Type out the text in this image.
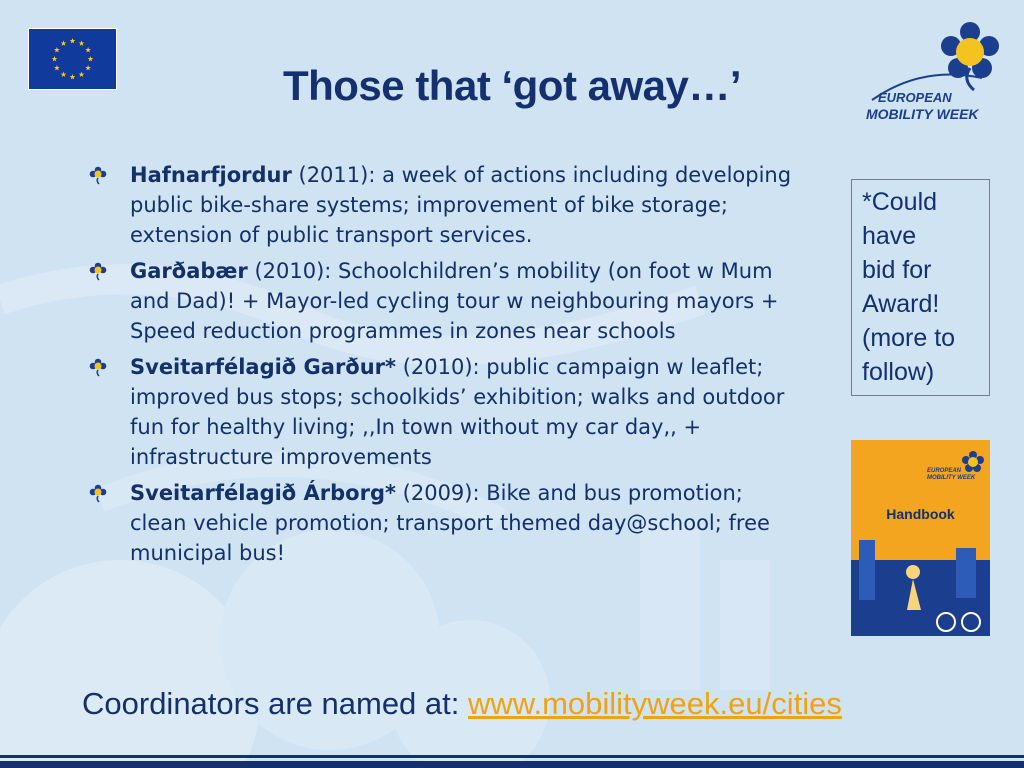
Those that ‘got away…’	EUROPEAN
MOBILITY WEEK
Hafnarfjordur (2011): a week of actions including developing public bike-share systems; improvement of bike storage; extension of public transport services.
Garðabær (2010): Schoolchildren’s mobility (on foot w Mum and Dad)! + Mayor-led cycling tour w neighbouring mayors + Speed reduction programmes in zones near schools
Sveitarfélagið Garður* (2010): public campaign w leaflet; improved bus stops; schoolkids’ exhibition; walks and outdoor fun for healthy living; ,,In town without my car day,, + infrastructure improvements
Sveitarfélagið Árborg* (2009): Bike and bus promotion; clean vehicle promotion; transport themed day@school; free municipal bus!
*Could
have
bid for
Award!
(more to
follow)
EUROPEAN
MOBILITY WEEK
Handbook
Coordinators are named at: www.mobilityweek.eu/cities
